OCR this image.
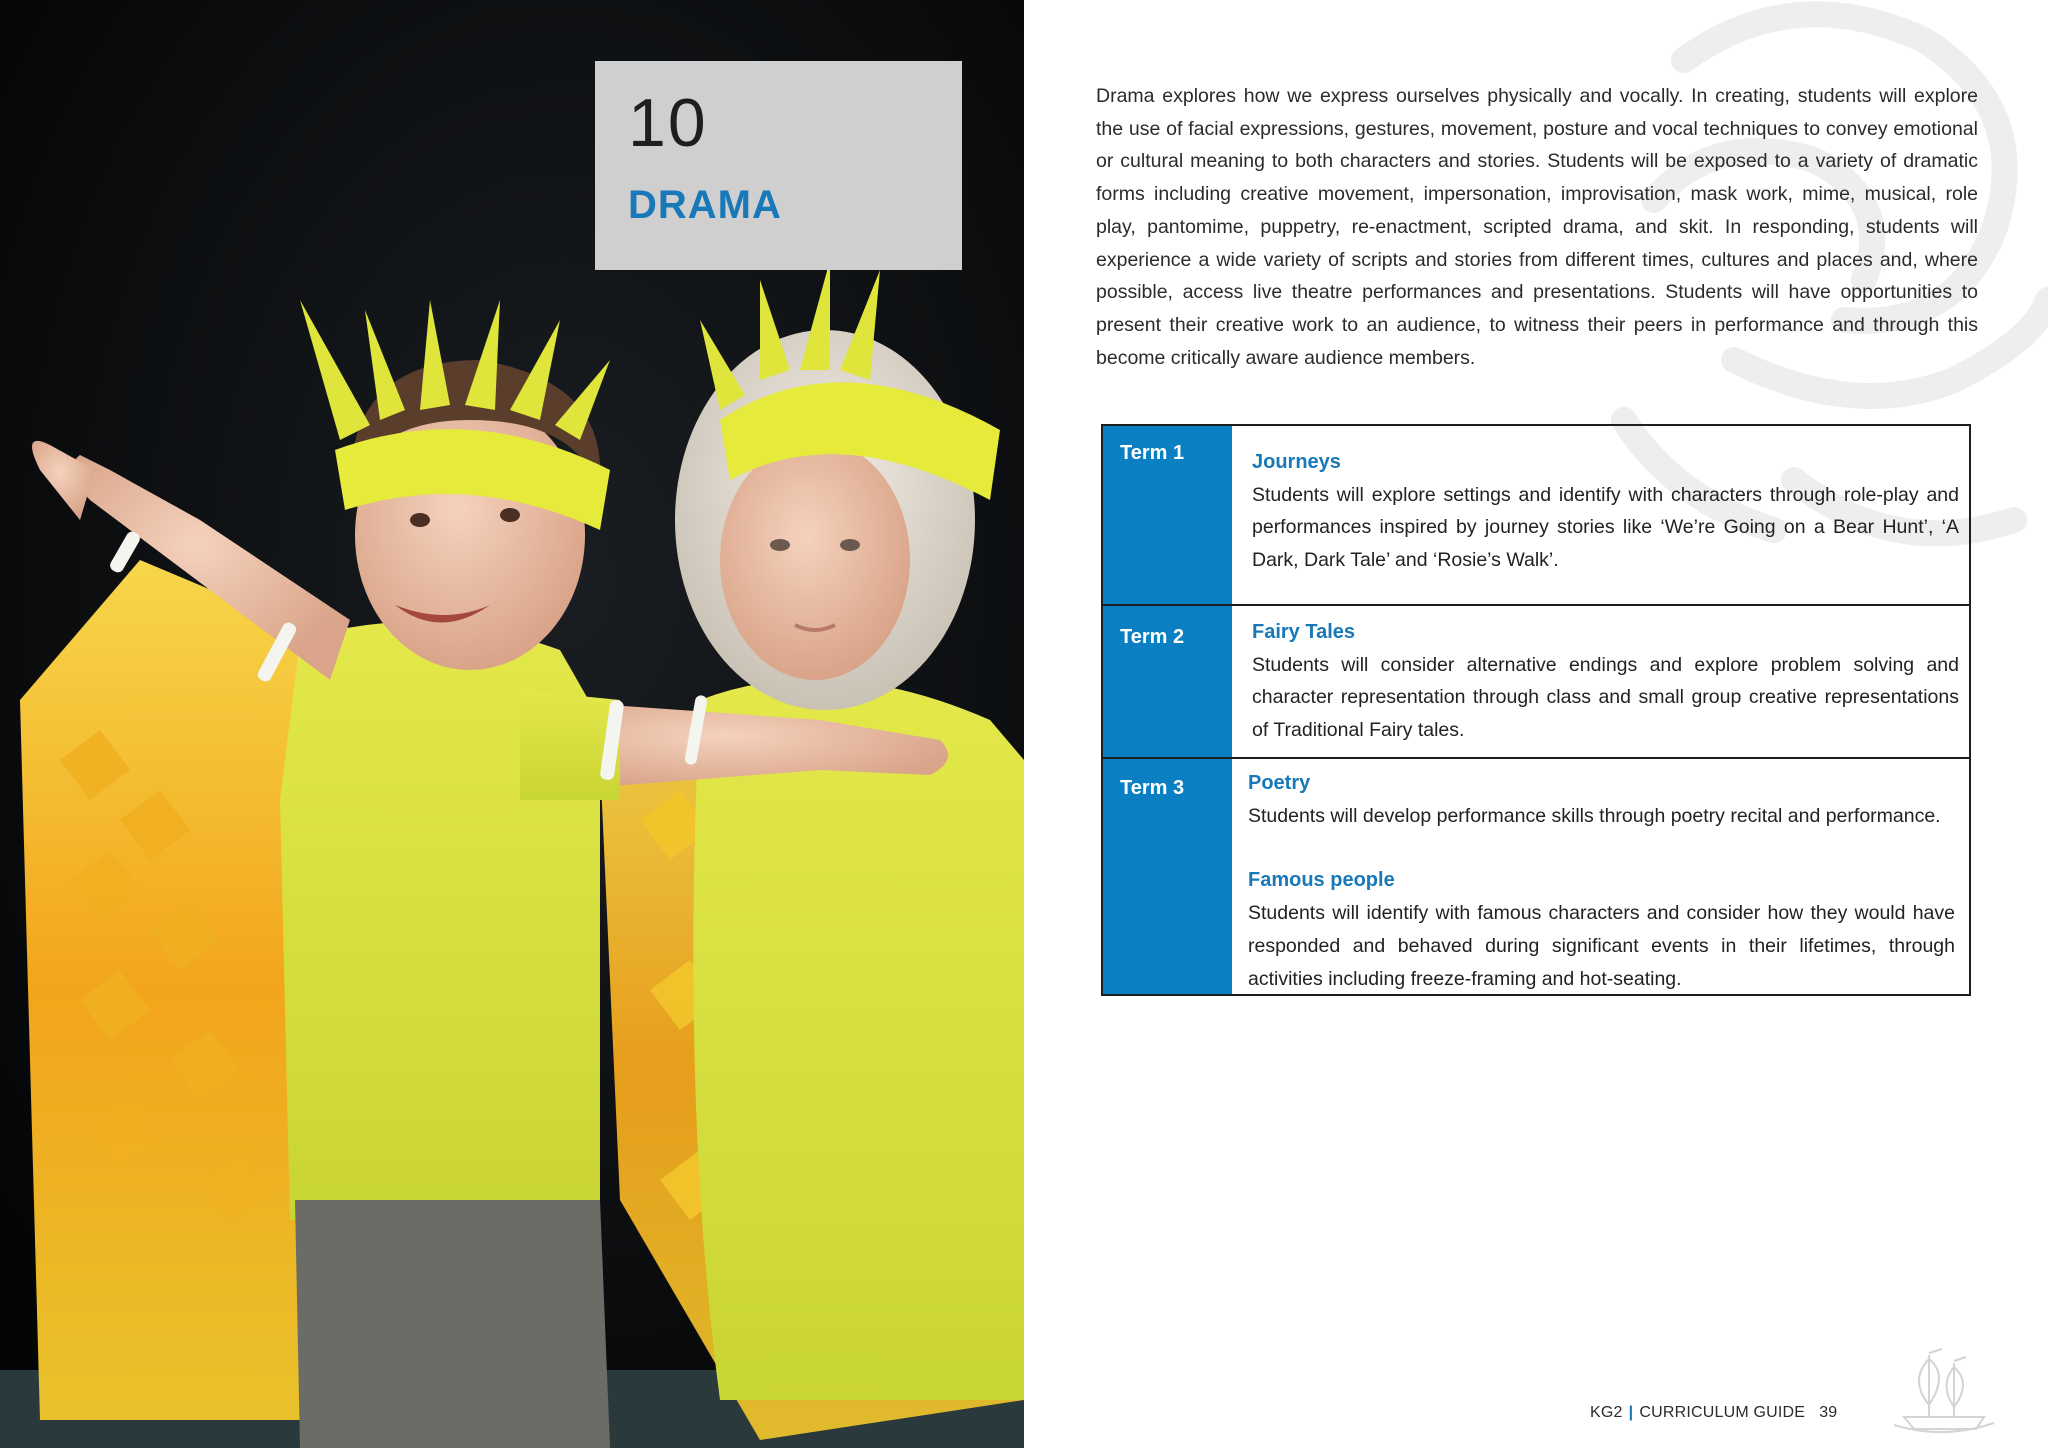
10
DRAMA

Drama explores how we express ourselves physically and vocally. In creating, students will explore the use of facial expressions, gestures, movement, posture and vocal techniques to convey emotional or cultural meaning to both characters and stories. Students will be exposed to a variety of dramatic forms including creative movement, impersonation, improvisation, mask work, mime, musical, role play, pantomime, puppetry, re-enactment, scripted drama, and skit. In responding, students will experience a wide variety of scripts and stories from different times, cultures and places and, where possible, access live theatre performances and presentations. Students will have opportunities to present their creative work to an audience, to witness their peers in performance and through this become critically aware audience members.

Term 1	Journeys
Students will explore settings and identify with characters through role-play and performances inspired by journey stories like ‘We’re Going on a Bear Hunt’, ‘A Dark, Dark Tale’ and ‘Rosie’s Walk’.
Term 2	Fairy Tales
Students will consider alternative endings and explore problem solving and character representation through class and small group creative representations of Traditional Fairy tales.
Term 3	Poetry
Students will develop performance skills through poetry recital and performance.
Famous people
Students will identify with famous characters and consider how they would have responded and behaved during significant events in their lifetimes, through activities including freeze-framing and hot-seating.
KG2 | CURRICULUM GUIDE 39
